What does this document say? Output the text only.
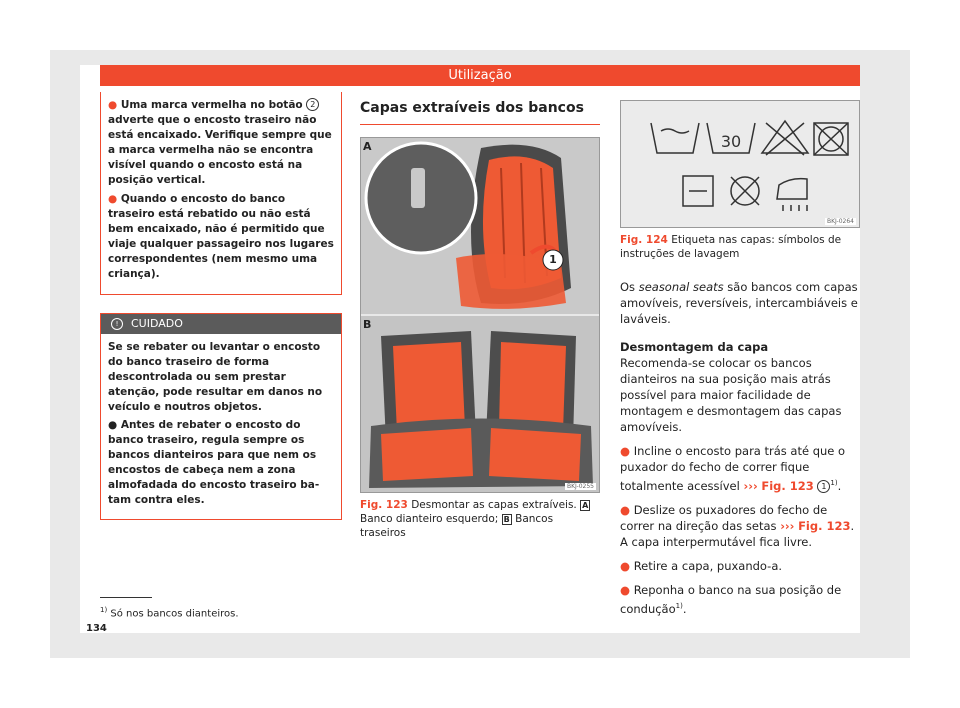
Utilização

● Uma marca vermelha no botão 2 adverte que o encosto traseiro não está encaixado. Verifique sempre que a marca vermelha não se encontra visível quando o encosto está na posição vertical.

● Quando o encosto do banco traseiro está rebatido ou não está bem encaixado, não é permitido que viaje qualquer passageiro nos lugares correspondentes (nem mesmo uma criança).

! CUIDADO

Se se rebater ou levantar o encosto do banco traseiro de forma descontrolada ou sem prestar atenção, pode resultar em danos no veículo e noutros objetos.

● Antes de rebater o encosto do banco traseiro, regula sempre os bancos dianteiros para que nem os encostos de cabeça nem a zona almofadada do encosto traseiro batam contra eles.

Capas extraíveis dos bancos
A
1
B
BKJ-0255
Fig. 123 Desmontar as capas extraíveis. A Banco dianteiro esquerdo; B Bancos traseiros
30
BKJ-0264
Fig. 124 Etiqueta nas capas: símbolos de instruções de lavagem

Os seasonal seats são bancos com capas amovíveis, reversíveis, intercambiáveis e laváveis.

Desmontagem da capa

Recomenda-se colocar os bancos dianteiros na sua posição mais atrás possível para maior facilidade de montagem e desmontagem das capas amovíveis.

● Incline o encosto para trás até que o puxador do fecho de correr fique totalmente acessível ››› Fig. 123 1 $^{1)}$.

● Deslize os puxadores do fecho de correr na direção das setas ››› Fig. 123. A capa interpermutável fica livre.

● Retire a capa, puxando-a.

● Reponha o banco na sua posição de condução$^{1)}$.

$^{1)}$ Só nos bancos dianteiros.
134
